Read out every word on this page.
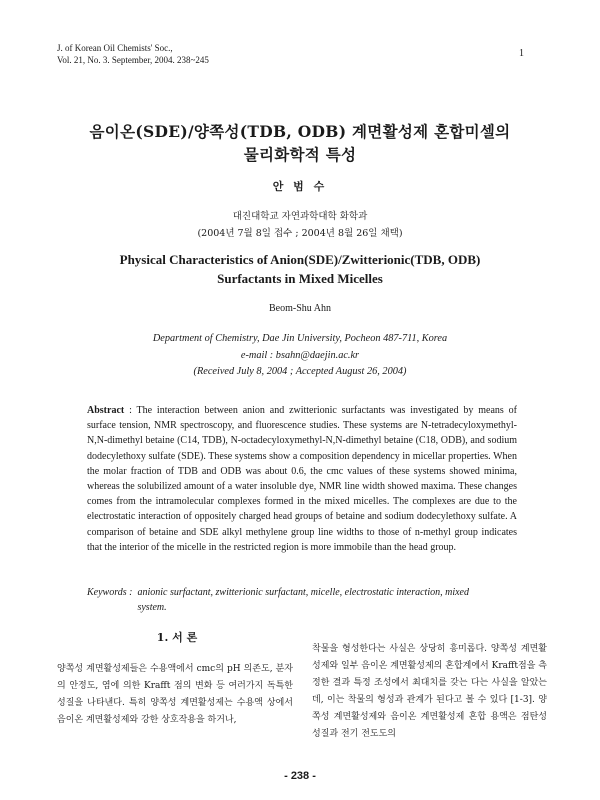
J. of Korean Oil Chemists' Soc.,
Vol. 21, No. 3. September, 2004. 238~245
1
음이온(SDE)/양쪽성(TDB, ODB) 계면활성제 혼합미셀의
물리화학적 특성
안 범 수
대진대학교 자연과학대학 화학과
(2004년 7월 8일 접수 ; 2004년 8월 26일 채택)
Physical Characteristics of Anion(SDE)/Zwitterionic(TDB, ODB)
Surfactants in Mixed Micelles
Beom-Shu Ahn
Department of Chemistry, Dae Jin University, Pocheon 487-711, Korea
e-mail : bsahn@daejin.ac.kr
(Received July 8, 2004 ; Accepted August 26, 2004)

Abstract : The interaction between anion and zwitterionic surfactants was investigated by means of surface tension, NMR spectroscopy, and fluorescence studies. These systems are N-tetradecyloxymethyl-N,N-dimethyl betaine (C14, TDB), N-octadecyloxymethyl-N,N-dimethyl betaine (C18, ODB), and sodium dodecylethoxy sulfate (SDE). These systems show a composition dependency in micellar properties. When the molar fraction of TDB and ODB was about 0.6, the cmc values of these systems showed minima, whereas the solubilized amount of a water insoluble dye, NMR line width showed maxima. These changes comes from the intramolecular complexes formed in the mixed micelles. The complexes are due to the electrostatic interaction of oppositely charged head groups of betaine and sodium dodecylethoxy sulfate. A comparison of betaine and SDE alkyl methylene group line widths to those of n-methyl group indicates that the interior of the micelle in the restricted region is more immobile than the head group.

Keywords : anionic surfactant, zwitterionic surfactant, micelle, electrostatic interaction, mixed system.
1. 서 론

양쪽성 계면활성제들은 수용액에서 cmc의 pH 의존도, 분자의 안정도, 염에 의한 Krafft 점의 변화 등 여러가지 독특한 성질을 나타낸다. 특히 양쪽성 계면활성제는 수용액 상에서 음이온 계면활성제와 강한 상호작용을 하거나,

착물을 형성한다는 사실은 상당히 흥미롭다. 양쪽성 계면활성제와 일부 음이온 계면활성제의 혼합계에서 Krafft점을 측정한 결과 특정 조성에서 최대치를 갖는 다는 사실을 알았는데, 이는 착물의 형성과 관계가 된다고 볼 수 있다 [1-3]. 양쪽성 계면활성제와 음이온 계면활성제 혼합 용액은 점탄성 성질과 전기 전도도의

- 238 -
